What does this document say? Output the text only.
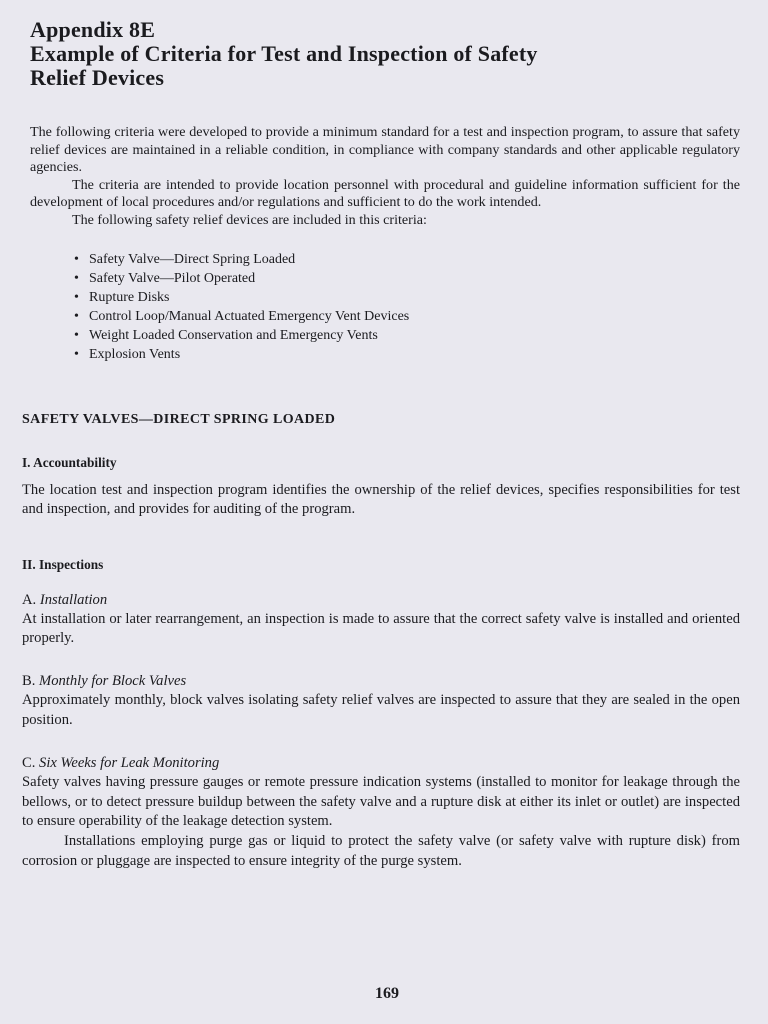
Appendix 8E
Example of Criteria for Test and Inspection of Safety
Relief Devices

The following criteria were developed to provide a minimum standard for a test and inspection program, to assure that safety relief devices are maintained in a reliable condition, in compliance with company standards and other applicable regulatory agencies.

The criteria are intended to provide location personnel with procedural and guideline information sufficient for the development of local procedures and/or regulations and sufficient to do the work intended.

The following safety relief devices are included in this criteria:

• Safety Valve—Direct Spring Loaded
• Safety Valve—Pilot Operated
• Rupture Disks
• Control Loop/Manual Actuated Emergency Vent Devices
• Weight Loaded Conservation and Emergency Vents
• Explosion Vents
SAFETY VALVES—DIRECT SPRING LOADED
I. Accountability
The location test and inspection program identifies the ownership of the relief devices, specifies responsibilities for test and inspection, and provides for auditing of the program.
II. Inspections
A. Installation

At installation or later rearrangement, an inspection is made to assure that the correct safety valve is installed and oriented properly.

B. Monthly for Block Valves

Approximately monthly, block valves isolating safety relief valves are inspected to assure that they are sealed in the open position.

C. Six Weeks for Leak Monitoring

Safety valves having pressure gauges or remote pressure indication systems (installed to monitor for leakage through the bellows, or to detect pressure buildup between the safety valve and a rupture disk at either its inlet or outlet) are inspected to ensure operability of the leakage detection system.

Installations employing purge gas or liquid to protect the safety valve (or safety valve with rupture disk) from corrosion or pluggage are inspected to ensure integrity of the purge system.

169
